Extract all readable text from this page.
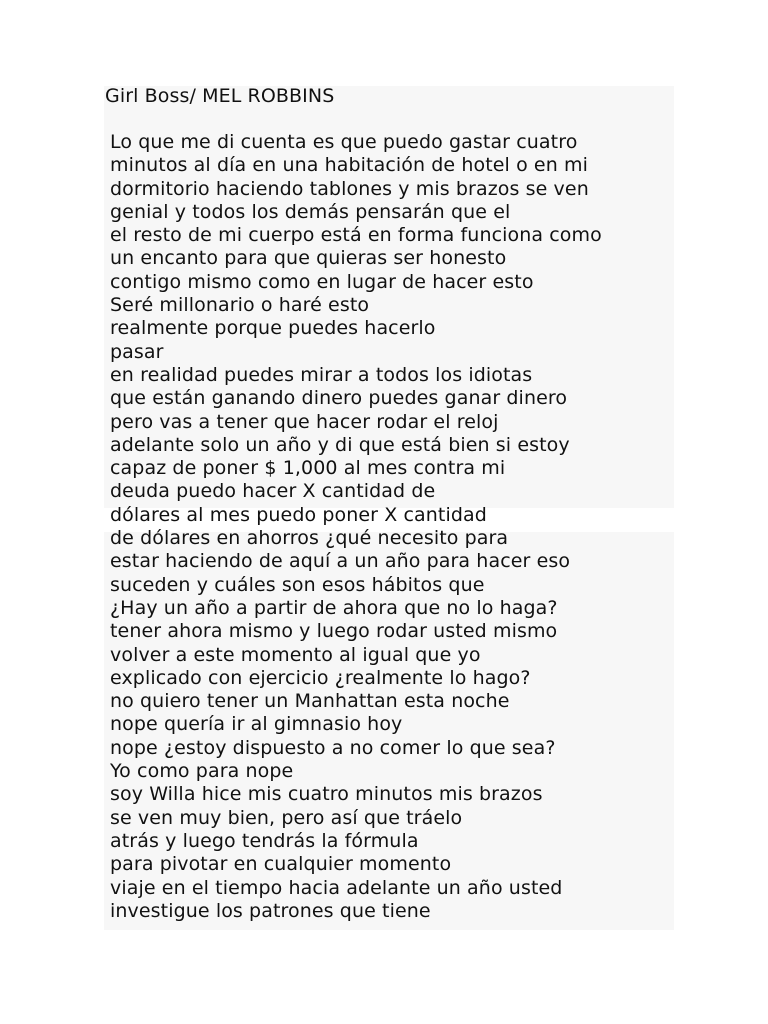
Girl Boss/ MEL ROBBINS
Lo que me di cuenta es que puedo gastar cuatro
minutos al día en una habitación de hotel o en mi
dormitorio haciendo tablones y mis brazos se ven
genial y todos los demás pensarán que el
el resto de mi cuerpo está en forma funciona como
un encanto para que quieras ser honesto
contigo mismo como en lugar de hacer esto
Seré millonario o haré esto
realmente porque puedes hacerlo
pasar
en realidad puedes mirar a todos los idiotas
que están ganando dinero puedes ganar dinero
pero vas a tener que hacer rodar el reloj
adelante solo un año y di que está bien si estoy
capaz de poner $ 1,000 al mes contra mi
deuda puedo hacer X cantidad de
dólares al mes puedo poner X cantidad
de dólares en ahorros ¿qué necesito para
estar haciendo de aquí a un año para hacer eso
suceden y cuáles son esos hábitos que
¿Hay un año a partir de ahora que no lo haga?
tener ahora mismo y luego rodar usted mismo
volver a este momento al igual que yo
explicado con ejercicio ¿realmente lo hago?
no quiero tener un Manhattan esta noche
nope quería ir al gimnasio hoy
nope ¿estoy dispuesto a no comer lo que sea?
Yo como para nope
soy Willa hice mis cuatro minutos mis brazos
se ven muy bien, pero así que tráelo
atrás y luego tendrás la fórmula
para pivotar en cualquier momento
viaje en el tiempo hacia adelante un año usted
investigue los patrones que tiene
